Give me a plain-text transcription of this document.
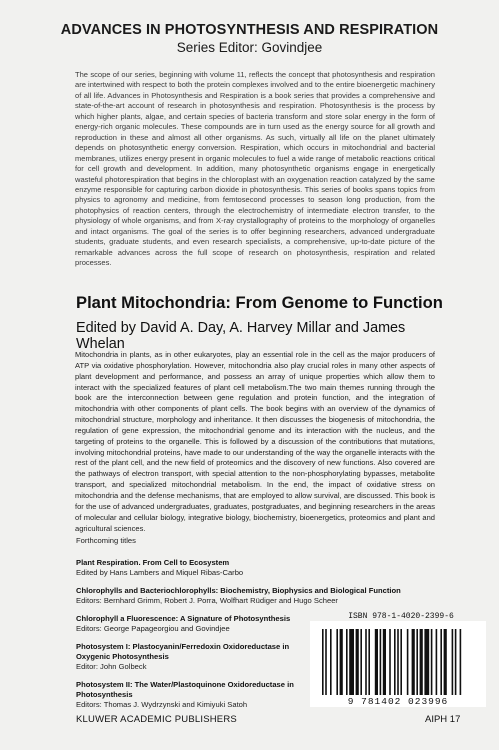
ADVANCES IN PHOTOSYNTHESIS AND RESPIRATION
Series Editor: Govindjee
The scope of our series, beginning with volume 11, reflects the concept that photosynthesis and respiration are intertwined with respect to both the protein complexes involved and to the entire bioenergetic machinery of all life. Advances in Photosynthesis and Respiration is a book series that provides a comprehensive and state-of-the-art account of research in photosynthesis and respiration. Photosynthesis is the process by which higher plants, algae, and certain species of bacteria transform and store solar energy in the form of energy-rich organic molecules. These compounds are in turn used as the energy source for all growth and reproduction in these and almost all other organisms. As such, virtually all life on the planet ultimately depends on photosynthetic energy conversion. Respiration, which occurs in mitochondrial and bacterial membranes, utilizes energy present in organic molecules to fuel a wide range of metabolic reactions critical for cell growth and development. In addition, many photosynthetic organisms engage in energetically wasteful photorespiration that begins in the chloroplast with an oxygenation reaction catalyzed by the same enzyme responsible for capturing carbon dioxide in photosynthesis. This series of books spans topics from physics to agronomy and medicine, from femtosecond processes to season long production, from the photophysics of reaction centers, through the electrochemistry of intermediate electron transfer, to the physiology of whole organisms, and from X-ray crystallography of proteins to the morphology of organelles and intact organisms. The goal of the series is to offer beginning researchers, advanced undergraduate students, graduate students, and even research specialists, a comprehensive, up-to-date picture of the remarkable advances across the full scope of research on photosynthesis, respiration and related processes.
Plant Mitochondria: From Genome to Function
Edited by David A. Day, A. Harvey Millar and James Whelan
Mitochondria in plants, as in other eukaryotes, play an essential role in the cell as the major producers of ATP via oxidative phosphorylation. However, mitochondria also play crucial roles in many other aspects of plant development and performance, and possess an array of unique properties which allow them to interact with the specialized features of plant cell metabolism.The two main themes running through the book are the interconnection between gene regulation and protein function, and the integration of mitochondria with other components of plant cells. The book begins with an overview of the dynamics of mitochondrial structure, morphology and inheritance. It then discusses the biogenesis of mitochondria, the regulation of gene expression, the mitochondrial genome and its interaction with the nucleus, and the targeting of proteins to the organelle. This is followed by a discussion of the contributions that mutations, involving mitochondrial proteins, have made to our understanding of the way the organelle interacts with the rest of the plant cell, and the new field of proteomics and the discovery of new functions. Also covered are the pathways of electron transport, with special attention to the non-phosphorylating bypasses, metabolite transport, and specialized mitochondrial metabolism. In the end, the impact of oxidative stress on mitochondria and the defense mechanisms, that are employed to allow survival, are discussed. This book is for the use of advanced undergraduates, graduates, postgraduates, and beginning researchers in the areas of molecular and cellular biology, integrative biology, biochemistry, bioenergetics, proteomics and plant and agricultural sciences.
Forthcoming titles
Plant Respiration. From Cell to Ecosystem
Edited by Hans Lambers and Miquel Ribas-Carbo
Chlorophylls and Bacteriochlorophylls: Biochemistry, Biophysics and Biological Function
Editors: Bernhard Grimm, Robert J. Porra, Wolfhart Rüdiger and Hugo Scheer
Chlorophyll a Fluorescence: A Signature of Photosynthesis
Editors: George Papageorgiou and Govindjee
Photosystem I: Plastocyanin/Ferredoxin Oxidoreductase in Oxygenic Photosynthesis
Editor: John Golbeck
Photosystem II: The Water/Plastoquinone Oxidoreductase in Photosynthesis
Editors: Thomas J. Wydrzynski and Kimiyuki Satoh
ISBN 978-1-4020-2399-6
9 781402 023996
KLUWER ACADEMIC PUBLISHERS	AIPH 17
